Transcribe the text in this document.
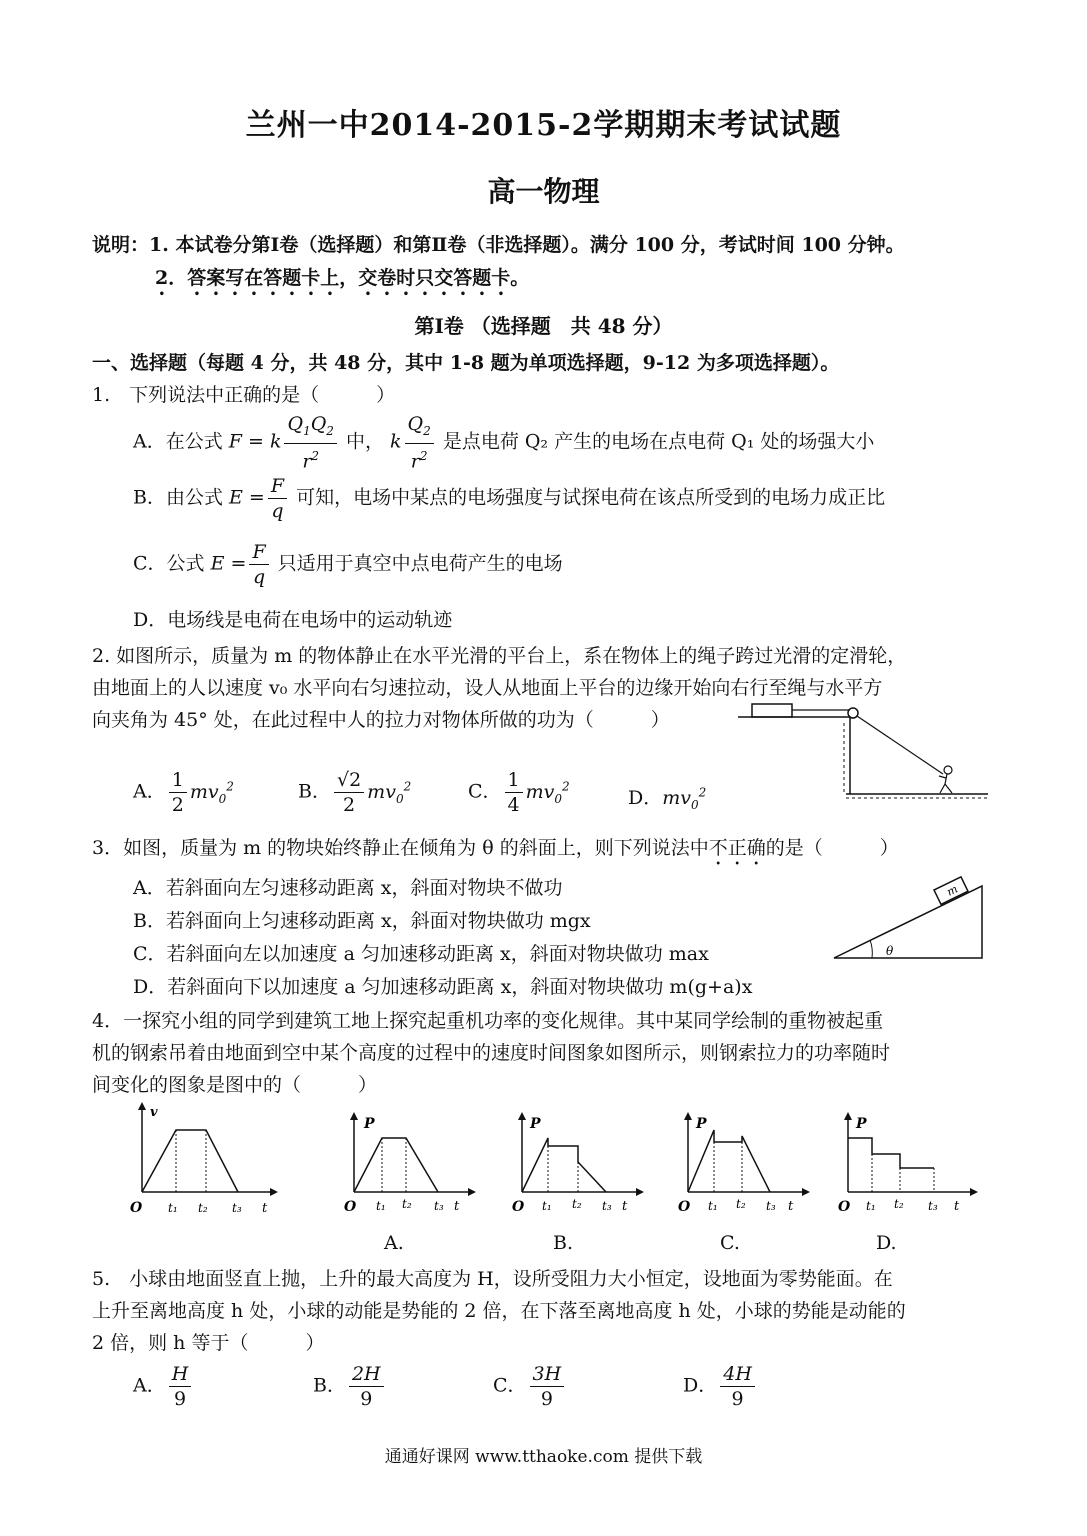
兰州一中2014-2015-2学期期末考试试题
高一物理
说明：1. 本试卷分第Ⅰ卷（选择题）和第Ⅱ卷（非选择题）。满分 100 分，考试时间 100 分钟。
2．答案写在答题卡上，交卷时只交答题卡。
第Ⅰ卷 （选择题　共 48 分）
一、选择题（每题 4 分，共 48 分，其中 1-8 题为单项选择题，9-12 为多项选择题）。
1.　下列说法中正确的是（　　　）
A．在公式 F = k $\frac{Q_1Q_2}{r^2}$ 中， k $\frac{Q_2}{r^2}$ 是点电荷 Q₂ 产生的电场在点电荷 Q₁ 处的场强大小
B．由公式 $E = \frac{F}{q}$ 可知，电场中某点的电场强度与试探电荷在该点所受到的电场力成正比
C．公式 $E = \frac{F}{q}$ 只适用于真空中点电荷产生的电场
D．电场线是电荷在电场中的运动轨迹
2. 如图所示，质量为 m 的物体静止在水平光滑的平台上，系在物体上的绳子跨过光滑的定滑轮，
由地面上的人以速度 v₀ 水平向右匀速拉动，设人从地面上平台的边缘开始向右行至绳与水平方
向夹角为 45° 处，在此过程中人的拉力对物体所做的功为（　　　）
A． $\frac{1}{2} mv_0^2$	B． $\frac{√2}{2} mv_0^2$	C． $\frac{1}{4} mv_0^2$
D．$mv_0^2$
3．如图，质量为 m 的物块始终静止在倾角为 θ 的斜面上，则下列说法中不正确的是（　　　）
A．若斜面向左匀速移动距离 x，斜面对物块不做功
B．若斜面向上匀速移动距离 x，斜面对物块做功 mgx
C．若斜面向左以加速度 a 匀加速移动距离 x，斜面对物块做功 max
D．若斜面向下以加速度 a 匀加速移动距离 x，斜面对物块做功 m(g+a)x
m
θ
4．一探究小组的同学到建筑工地上探究起重机功率的变化规律。其中某同学绘制的重物被起重
机的钢索吊着由地面到空中某个高度的过程中的速度时间图象如图所示，则钢索拉力的功率随时
间变化的图象是图中的（　　　）
v
O t₁ t₂ t₃ t
P
O t₁ t₂ t₃ t
P
O t₁ t₂ t₃ t
P
O t₁ t₂ t₃ t
P
O t₁ t₂ t₃ t
A.	B.	C.	D.
5.　小球由地面竖直上抛，上升的最大高度为 H，设所受阻力大小恒定，设地面为零势能面。在
上升至离地高度 h 处，小球的动能是势能的 2 倍，在下落至离地高度 h 处，小球的势能是动能的
2 倍，则 h 等于（　　　）
A． $\frac{H}{9}$	B． $\frac{2H}{9}$	C． $\frac{3H}{9}$	D． $\frac{4H}{9}$
通通好课网 www.tthaoke.com 提供下载
